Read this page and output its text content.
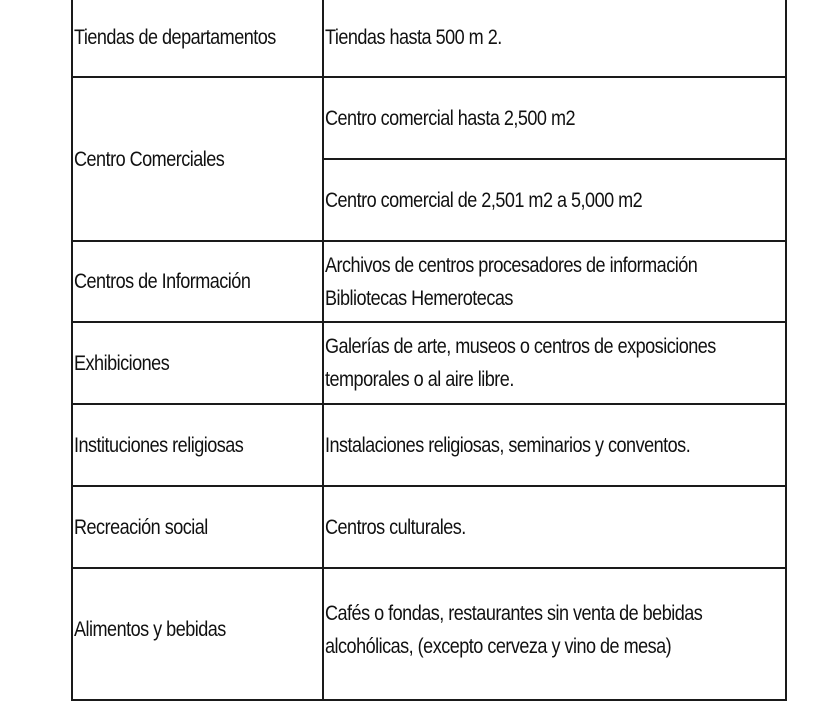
Tiendas de departamentos	Tiendas hasta 500 m 2.
Centro Comerciales	Centro comercial hasta 2,500 m2
	Centro comercial de 2,501 m2 a 5,000 m2
Centros de Información	Archivos de centros procesadores de información
Bibliotecas Hemerotecas
Exhibiciones	Galerías de arte, museos o centros de exposiciones
temporales o al aire libre.
Instituciones religiosas	Instalaciones religiosas, seminarios y conventos.
Recreación social	Centros culturales.
Alimentos y bebidas	Cafés o fondas, restaurantes sin venta de bebidas
alcohólicas, (excepto cerveza y vino de mesa)
